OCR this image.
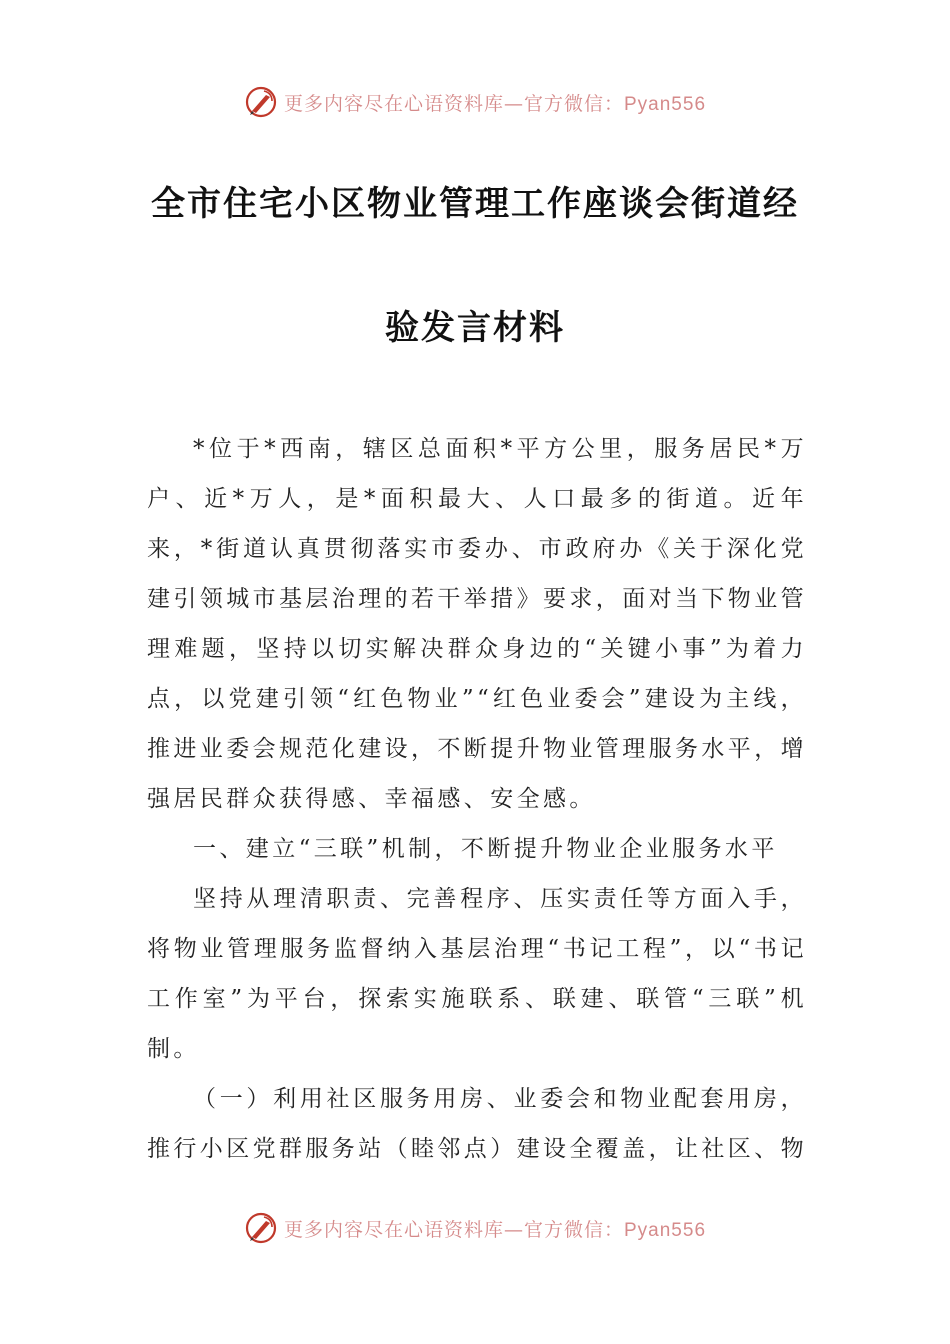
更多内容尽在心语资料库—官方微信：Pyan556
全市住宅小区物业管理工作座谈会街道经
验发言材料

*位于*西南，辖区总面积*平方公里，服务居民*万户、近*万人，是*面积最大、人口最多的街道。近年来，*街道认真贯彻落实市委办、市政府办《关于深化党建引领城市基层治理的若干举措》要求，面对当下物业管理难题，坚持以切实解决群众身边的“关键小事”为着力点，以党建引领“红色物业”“红色业委会”建设为主线，推进业委会规范化建设，不断提升物业管理服务水平，增强居民群众获得感、幸福感、安全感。

一、建立“三联”机制，不断提升物业企业服务水平

坚持从理清职责、完善程序、压实责任等方面入手，将物业管理服务监督纳入基层治理“书记工程”，以“书记工作室”为平台，探索实施联系、联建、联管“三联”机制。

（一）利用社区服务用房、业委会和物业配套用房，推行小区党群服务站（睦邻点）建设全覆盖，让社区、物

更多内容尽在心语资料库—官方微信：Pyan556
